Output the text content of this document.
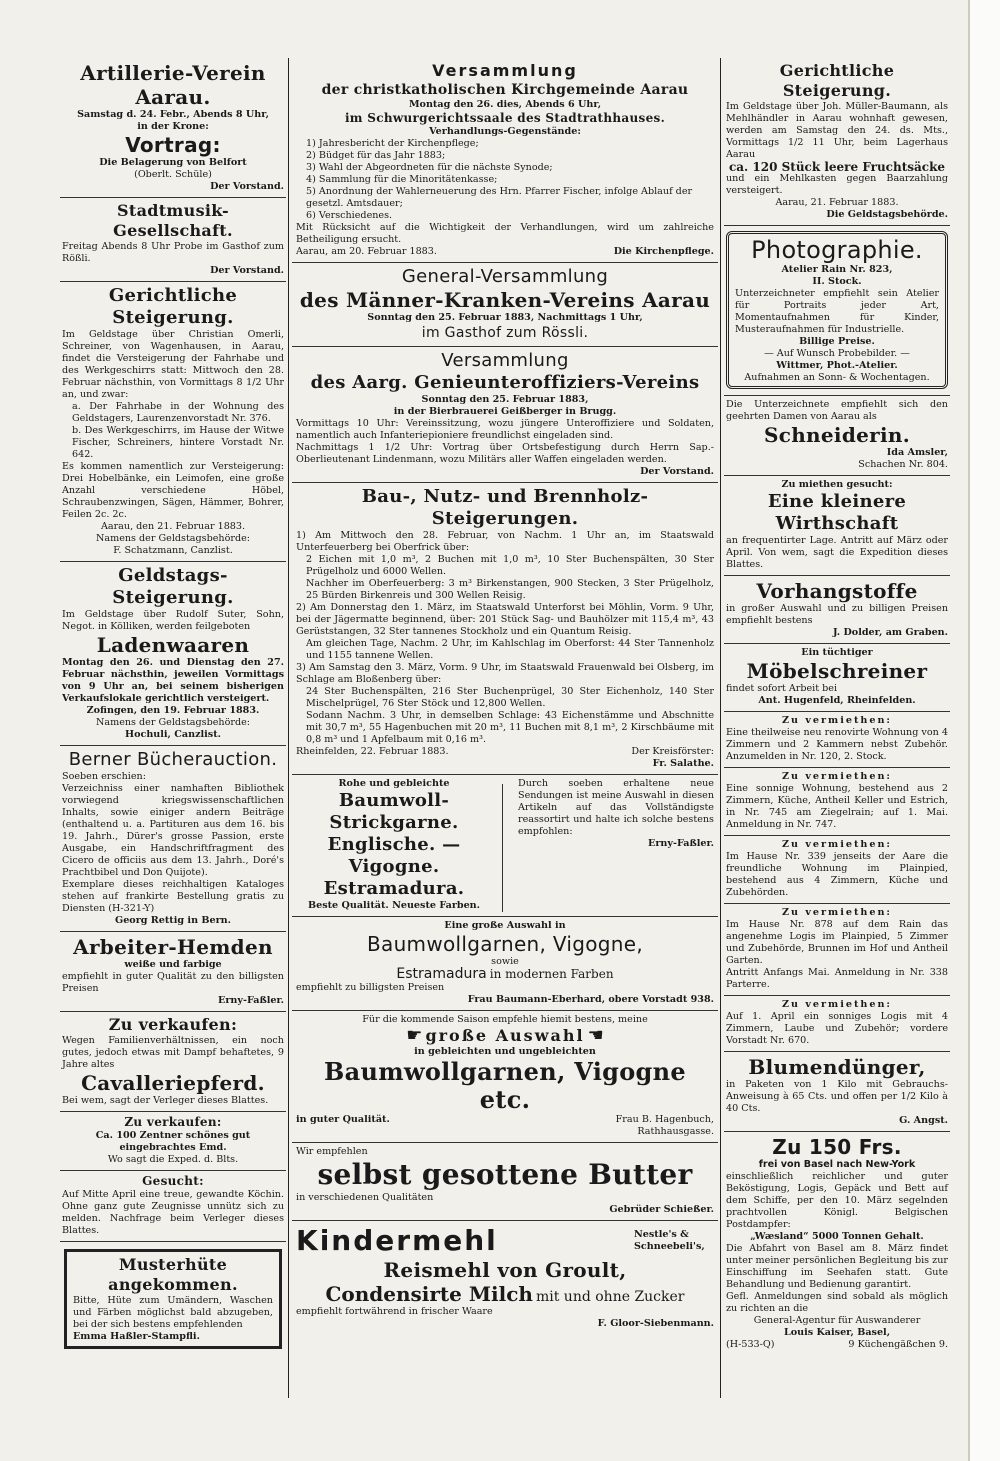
Artillerie-Verein Aarau.
Samstag d. 24. Febr., Abends 8 Uhr,
in der Krone:
Vortrag:
Die Belagerung von Belfort
(Oberlt. Schüle)
Der Vorstand.
Stadtmusik-Gesellschaft.
Freitag Abends 8 Uhr Probe im Gasthof zum Rößli.
Der Vorstand.
Gerichtliche Steigerung.
Im Geldstage über Christian Omerli, Schreiner, von Wagenhausen, in Aarau, findet die Versteigerung der Fahrhabe und des Werkgeschirrs statt: Mittwoch den 28. Februar nächsthin, von Vormittags 8 1/2 Uhr an, und zwar:
a. Der Fahrhabe in der Wohnung des Geldstagers, Laurenzenvorstadt Nr. 376.
b. Des Werkgeschirrs, im Hause der Witwe Fischer, Schreiners, hintere Vorstadt Nr. 642.
Es kommen namentlich zur Versteigerung: Drei Hobelbänke, ein Leimofen, eine große Anzahl verschiedene Höbel, Schraubenzwingen, Sägen, Hämmer, Bohrer, Feilen 2c. 2c.
Aarau, den 21. Februar 1883.
Namens der Geldstagsbehörde:
F. Schatzmann, Canzlist.
Geldstags-Steigerung.
Im Geldstage über Rudolf Suter, Sohn, Negot. in Kölliken, werden feilgeboten
Ladenwaaren
Montag den 26. und Dienstag den 27. Februar nächsthin, jeweilen Vormittags von 9 Uhr an, bei seinem bisherigen Verkaufslokale gerichtlich versteigert.
Zofingen, den 19. Februar 1883.
Namens der Geldstagsbehörde:
Hochuli, Canzlist.
Berner Bücherauction.
Soeben erschien:
Verzeichniss einer namhaften Bibliothek vorwiegend kriegswissenschaftlichen Inhalts, sowie einiger andern Beiträge (enthaltend u. a. Partituren aus dem 16. bis 19. Jahrh., Dürer's grosse Passion, erste Ausgabe, ein Handschriftfragment des Cicero de officiis aus dem 13. Jahrh., Doré's Prachtbibel und Don Quijote).
Exemplare dieses reichhaltigen Kataloges stehen auf frankirte Bestellung gratis zu Diensten (H-321-Y)
Georg Rettig in Bern.
Arbeiter-Hemden
weiße und farbige
empfiehlt in guter Qualität zu den billigsten Preisen
Erny-Faßler.
Zu verkaufen:
Wegen Familienverhältnissen, ein noch gutes, jedoch etwas mit Dampf behaftetes, 9 Jahre altes
Cavalleriepferd.
Bei wem, sagt der Verleger dieses Blattes.
Zu verkaufen:
Ca. 100 Zentner schönes gut
eingebrachtes Emd.
Wo sagt die Exped. d. Blts.
Gesucht:
Auf Mitte April eine treue, gewandte Köchin. Ohne ganz gute Zeugnisse unnütz sich zu melden. Nachfrage beim Verleger dieses Blattes.
Musterhüte angekommen.
Bitte, Hüte zum Umändern, Waschen und Färben möglichst bald abzugeben, bei der sich bestens empfehlenden
Emma Haßler-Stampfli.
Versammlung
der christkatholischen Kirchgemeinde Aarau
Montag den 26. dies, Abends 6 Uhr,
im Schwurgerichtssaale des Stadtrathhauses.
Verhandlungs-Gegenstände:
1) Jahresbericht der Kirchenpflege;
2) Büdget für das Jahr 1883;
3) Wahl der Abgeordneten für die nächste Synode;
4) Sammlung für die Minoritätenkasse;
5) Anordnung der Wahlerneuerung des Hrn. Pfarrer Fischer, infolge Ablauf der gesetzl. Amtsdauer;
6) Verschiedenes.
Mit Rücksicht auf die Wichtigkeit der Verhandlungen, wird um zahlreiche Betheiligung ersucht.
Aarau, am 20. Februar 1883.	Die Kirchenpflege.
General-Versammlung
des Männer-Kranken-Vereins Aarau
Sonntag den 25. Februar 1883, Nachmittags 1 Uhr,
im Gasthof zum Rössli.
Versammlung
des Aarg. Genieunteroffiziers-Vereins
Sonntag den 25. Februar 1883,
in der Bierbrauerei Geißberger in Brugg.
Vormittags 10 Uhr: Vereinssitzung, wozu jüngere Unteroffiziere und Soldaten, namentlich auch Infanteriepioniere freundlichst eingeladen sind.
Nachmittags 1 1/2 Uhr: Vortrag über Ortsbefestigung durch Herrn Sap.-Oberlieutenant Lindenmann, wozu Militärs aller Waffen eingeladen werden.
Der Vorstand.
Bau-, Nutz- und Brennholz-Steigerungen.
1) Am Mittwoch den 28. Februar, von Nachm. 1 Uhr an, im Staatswald Unterfeuerberg bei Oberfrick über:
2 Eichen mit 1,0 m³, 2 Buchen mit 1,0 m³, 10 Ster Buchenspälten, 30 Ster Prügelholz und 6000 Wellen.
Nachher im Oberfeuerberg: 3 m³ Birkenstangen, 900 Stecken, 3 Ster Prügelholz, 25 Bürden Birkenreis und 300 Wellen Reisig.
2) Am Donnerstag den 1. März, im Staatswald Unterforst bei Möhlin, Vorm. 9 Uhr, bei der Jägermatte beginnend, über: 201 Stück Sag- und Bauhölzer mit 115,4 m³, 43 Gerüststangen, 32 Ster tannenes Stockholz und ein Quantum Reisig.
Am gleichen Tage, Nachm. 2 Uhr, im Kahlschlag im Oberforst: 44 Ster Tannenholz und 1155 tannene Wellen.
3) Am Samstag den 3. März, Vorm. 9 Uhr, im Staatswald Frauenwald bei Olsberg, im Schlage am Bloßenberg über:
24 Ster Buchenspälten, 216 Ster Buchenprügel, 30 Ster Eichenholz, 140 Ster Mischelprügel, 76 Ster Stöck und 12,800 Wellen.
Sodann Nachm. 3 Uhr, in demselben Schlage: 43 Eichenstämme und Abschnitte mit 30,7 m³, 55 Hagenbuchen mit 20 m³, 11 Buchen mit 8,1 m³, 2 Kirschbäume mit 0,8 m³ und 1 Apfelbaum mit 0,16 m³.
Rheinfelden, 22. Februar 1883.	Der Kreisförster:
Fr. Salathe.
Rohe und gebleichte
Baumwoll-Strickgarne.
Englische. — Vigogne.
Estramadura.
Beste Qualität. Neueste Farben.
Durch soeben erhaltene neue Sendungen ist meine Auswahl in diesen Artikeln auf das Vollständigste reassortirt und halte ich solche bestens empfohlen:
Erny-Faßler.
Eine große Auswahl in
Baumwollgarnen, Vigogne,
sowie
Estramadura in modernen Farben
empfiehlt zu billigsten Preisen
Frau Baumann-Eberhard, obere Vorstadt 938.
Für die kommende Saison empfehle hiemit bestens, meine
☛ große Auswahl ☚
in gebleichten und ungebleichten
Baumwollgarnen, Vigogne etc.
in guter Qualität.	Frau B. Hagenbuch,
Rathhausgasse.
Wir empfehlen
selbst gesottene Butter
in verschiedenen Qualitäten
Gebrüder Schießer.
Kindermehl	Nestle's & Schneebeli's,
Reismehl von Groult,
Condensirte Milch mit und ohne Zucker
empfiehlt fortwährend in frischer Waare
F. Gloor-Siebenmann.
Gerichtliche Steigerung.
Im Geldstage über Joh. Müller-Baumann, als Mehlhändler in Aarau wohnhaft gewesen, werden am Samstag den 24. ds. Mts., Vormittags 1/2 11 Uhr, beim Lagerhaus Aarau
ca. 120 Stück leere Fruchtsäcke
und ein Mehlkasten gegen Baarzahlung versteigert.
Aarau, 21. Februar 1883.
Die Geldstagsbehörde.
Photographie.
Atelier Rain Nr. 823,
II. Stock.
Unterzeichneter empfiehlt sein Atelier für Portraits jeder Art, Momentaufnahmen für Kinder, Musteraufnahmen für Industrielle.
Billige Preise.
— Auf Wunsch Probebilder. —
Wittmer, Phot.-Atelier.
Aufnahmen an Sonn- & Wochentagen.
Die Unterzeichnete empfiehlt sich den geehrten Damen von Aarau als
Schneiderin.
Ida Amsler,
Schachen Nr. 804.
Zu miethen gesucht:
Eine kleinere Wirthschaft
an frequentirter Lage. Antritt auf März oder April. Von wem, sagt die Expedition dieses Blattes.
Vorhangstoffe
in großer Auswahl und zu billigen Preisen empfiehlt bestens
J. Dolder, am Graben.
Ein tüchtiger
Möbelschreiner
findet sofort Arbeit bei
Ant. Hugenfeld, Rheinfelden.
Zu vermiethen:
Eine theilweise neu renovirte Wohnung von 4 Zimmern und 2 Kammern nebst Zubehör. Anzumelden in Nr. 120, 2. Stock.
Zu vermiethen:
Eine sonnige Wohnung, bestehend aus 2 Zimmern, Küche, Antheil Keller und Estrich, in Nr. 745 am Ziegelrain; auf 1. Mai. Anmeldung in Nr. 747.
Zu vermiethen:
Im Hause Nr. 339 jenseits der Aare die freundliche Wohnung im Plainpied, bestehend aus 4 Zimmern, Küche und Zubehörden.
Zu vermiethen:
Im Hause Nr. 878 auf dem Rain das angenehme Logis im Plainpied, 5 Zimmer und Zubehörde, Brunnen im Hof und Antheil Garten.
Antritt Anfangs Mai. Anmeldung in Nr. 338 Parterre.
Zu vermiethen:
Auf 1. April ein sonniges Logis mit 4 Zimmern, Laube und Zubehör; vordere Vorstadt Nr. 670.
Blumendünger,
in Paketen von 1 Kilo mit Gebrauchs-Anweisung à 65 Cts. und offen per 1/2 Kilo à 40 Cts.
G. Angst.
Zu 150 Frs.
frei von Basel nach New-York
einschließlich reichlicher und guter Beköstigung, Logis, Gepäck und Bett auf dem Schiffe, per den 10. März segelnden prachtvollen Königl. Belgischen Postdampfer:
„Wæsland“ 5000 Tonnen Gehalt.
Die Abfahrt von Basel am 8. März findet unter meiner persönlichen Begleitung bis zur Einschiffung im Seehafen statt. Gute Behandlung und Bedienung garantirt.
Gefl. Anmeldungen sind sobald als möglich zu richten an die
General-Agentur für Auswanderer
Louis Kaiser, Basel,
(H-533-Q)	9 Küchengäßchen 9.
